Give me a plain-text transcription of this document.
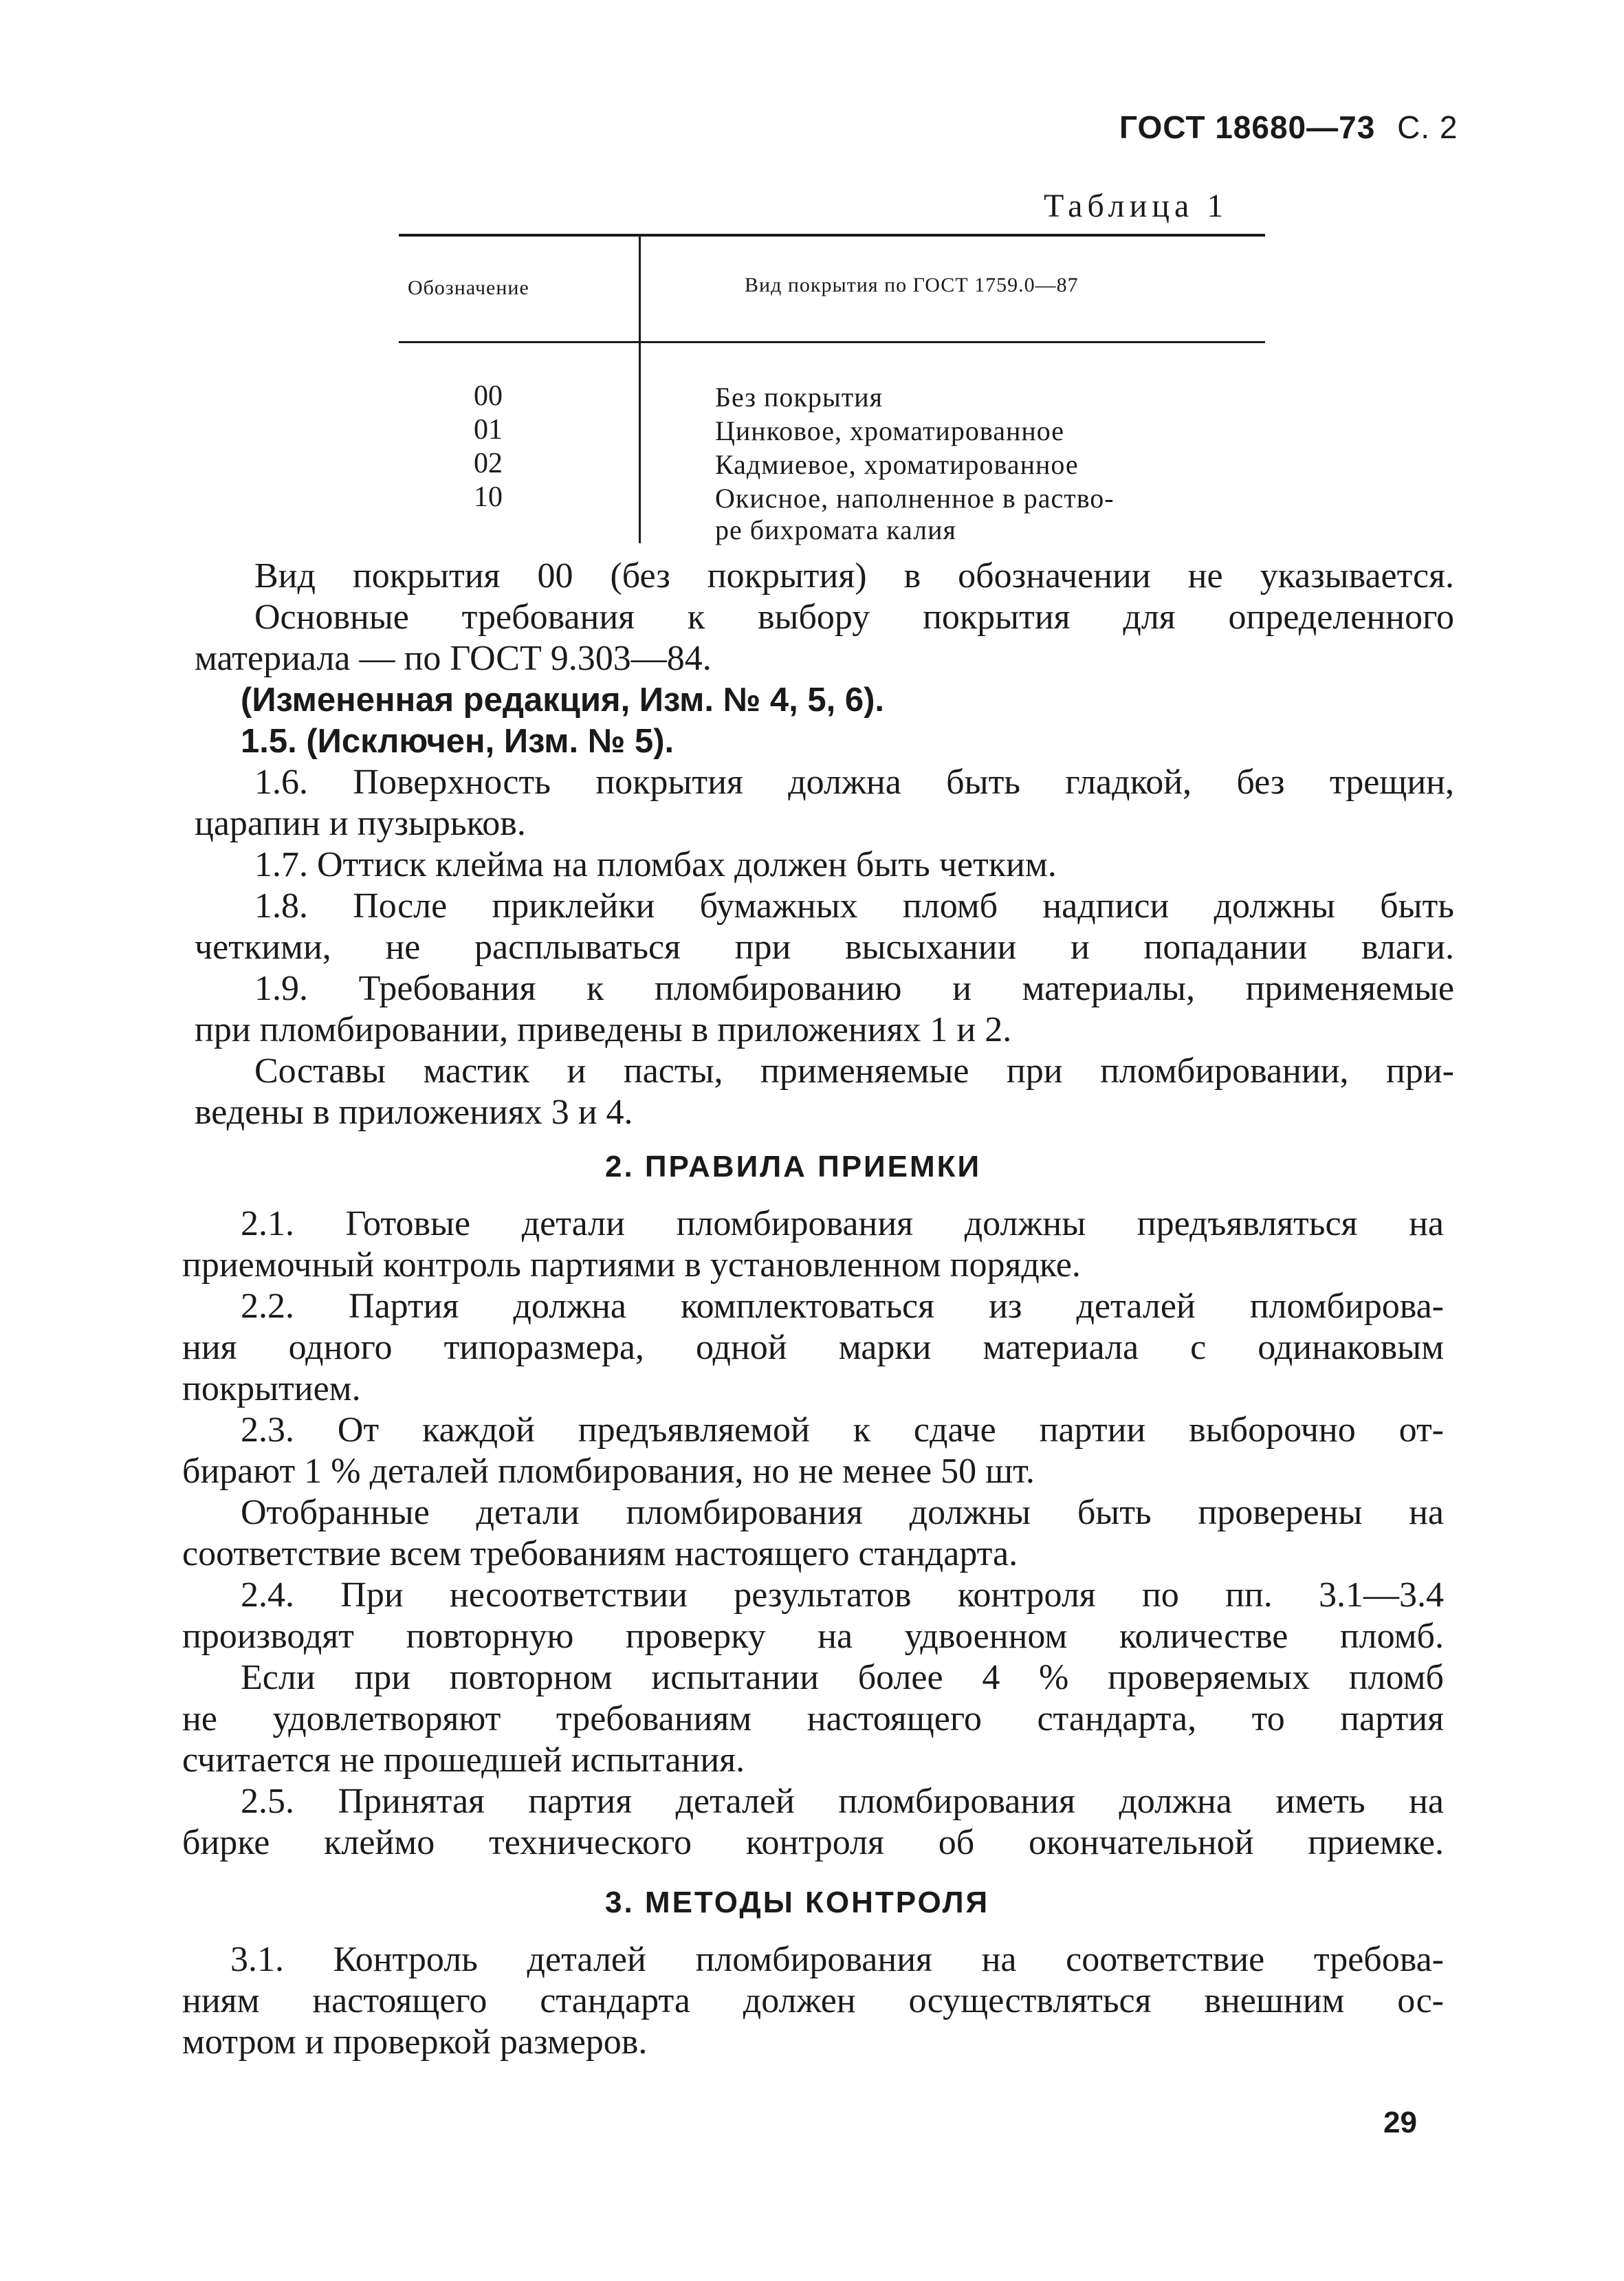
ГОСТ 18680—73 С. 2
Таблица 1
Обозначение	Вид покрытия по ГОСТ 1759.0—87
00
01
02
10
Без покрытия
Цинковое, хроматированное
Кадмиевое, хроматированное
Окисное, наполненное в раство-
ре бихромата калия
Вид покрытия 00 (без покрытия) в обозначении не указывается.
Основные требования к выбору покрытия для определенного
материала — по ГОСТ 9.303—84.
(Измененная редакция, Изм. № 4, 5, 6).
1.5. (Исключен, Изм. № 5).
1.6. Поверхность покрытия должна быть гладкой, без трещин,
царапин и пузырьков.
1.7. Оттиск клейма на пломбах должен быть четким.
1.8. После приклейки бумажных пломб надписи должны быть
четкими, не расплываться при высыхании и попадании влаги.
1.9. Требования к пломбированию и материалы, применяемые
при пломбировании, приведены в приложениях 1 и 2.
Составы мастик и пасты, применяемые при пломбировании, при-
ведены в приложениях 3 и 4.
2. ПРАВИЛА ПРИЕМКИ
2.1. Готовые детали пломбирования должны предъявляться на
приемочный контроль партиями в установленном порядке.
2.2. Партия должна комплектоваться из деталей пломбирова-
ния одного типоразмера, одной марки материала с одинаковым
покрытием.
2.3. От каждой предъявляемой к сдаче партии выборочно от-
бирают 1 % деталей пломбирования, но не менее 50 шт.
Отобранные детали пломбирования должны быть проверены на
соответствие всем требованиям настоящего стандарта.
2.4. При несоответствии результатов контроля по пп. 3.1—3.4
производят повторную проверку на удвоенном количестве пломб.
Если при повторном испытании более 4 % проверяемых пломб
не удовлетворяют требованиям настоящего стандарта, то партия
считается не прошедшей испытания.
2.5. Принятая партия деталей пломбирования должна иметь на
бирке клеймо технического контроля об окончательной приемке.
3. МЕТОДЫ КОНТРОЛЯ
3.1. Контроль деталей пломбирования на соответствие требова-
ниям настоящего стандарта должен осуществляться внешним ос-
мотром и проверкой размеров.
29
